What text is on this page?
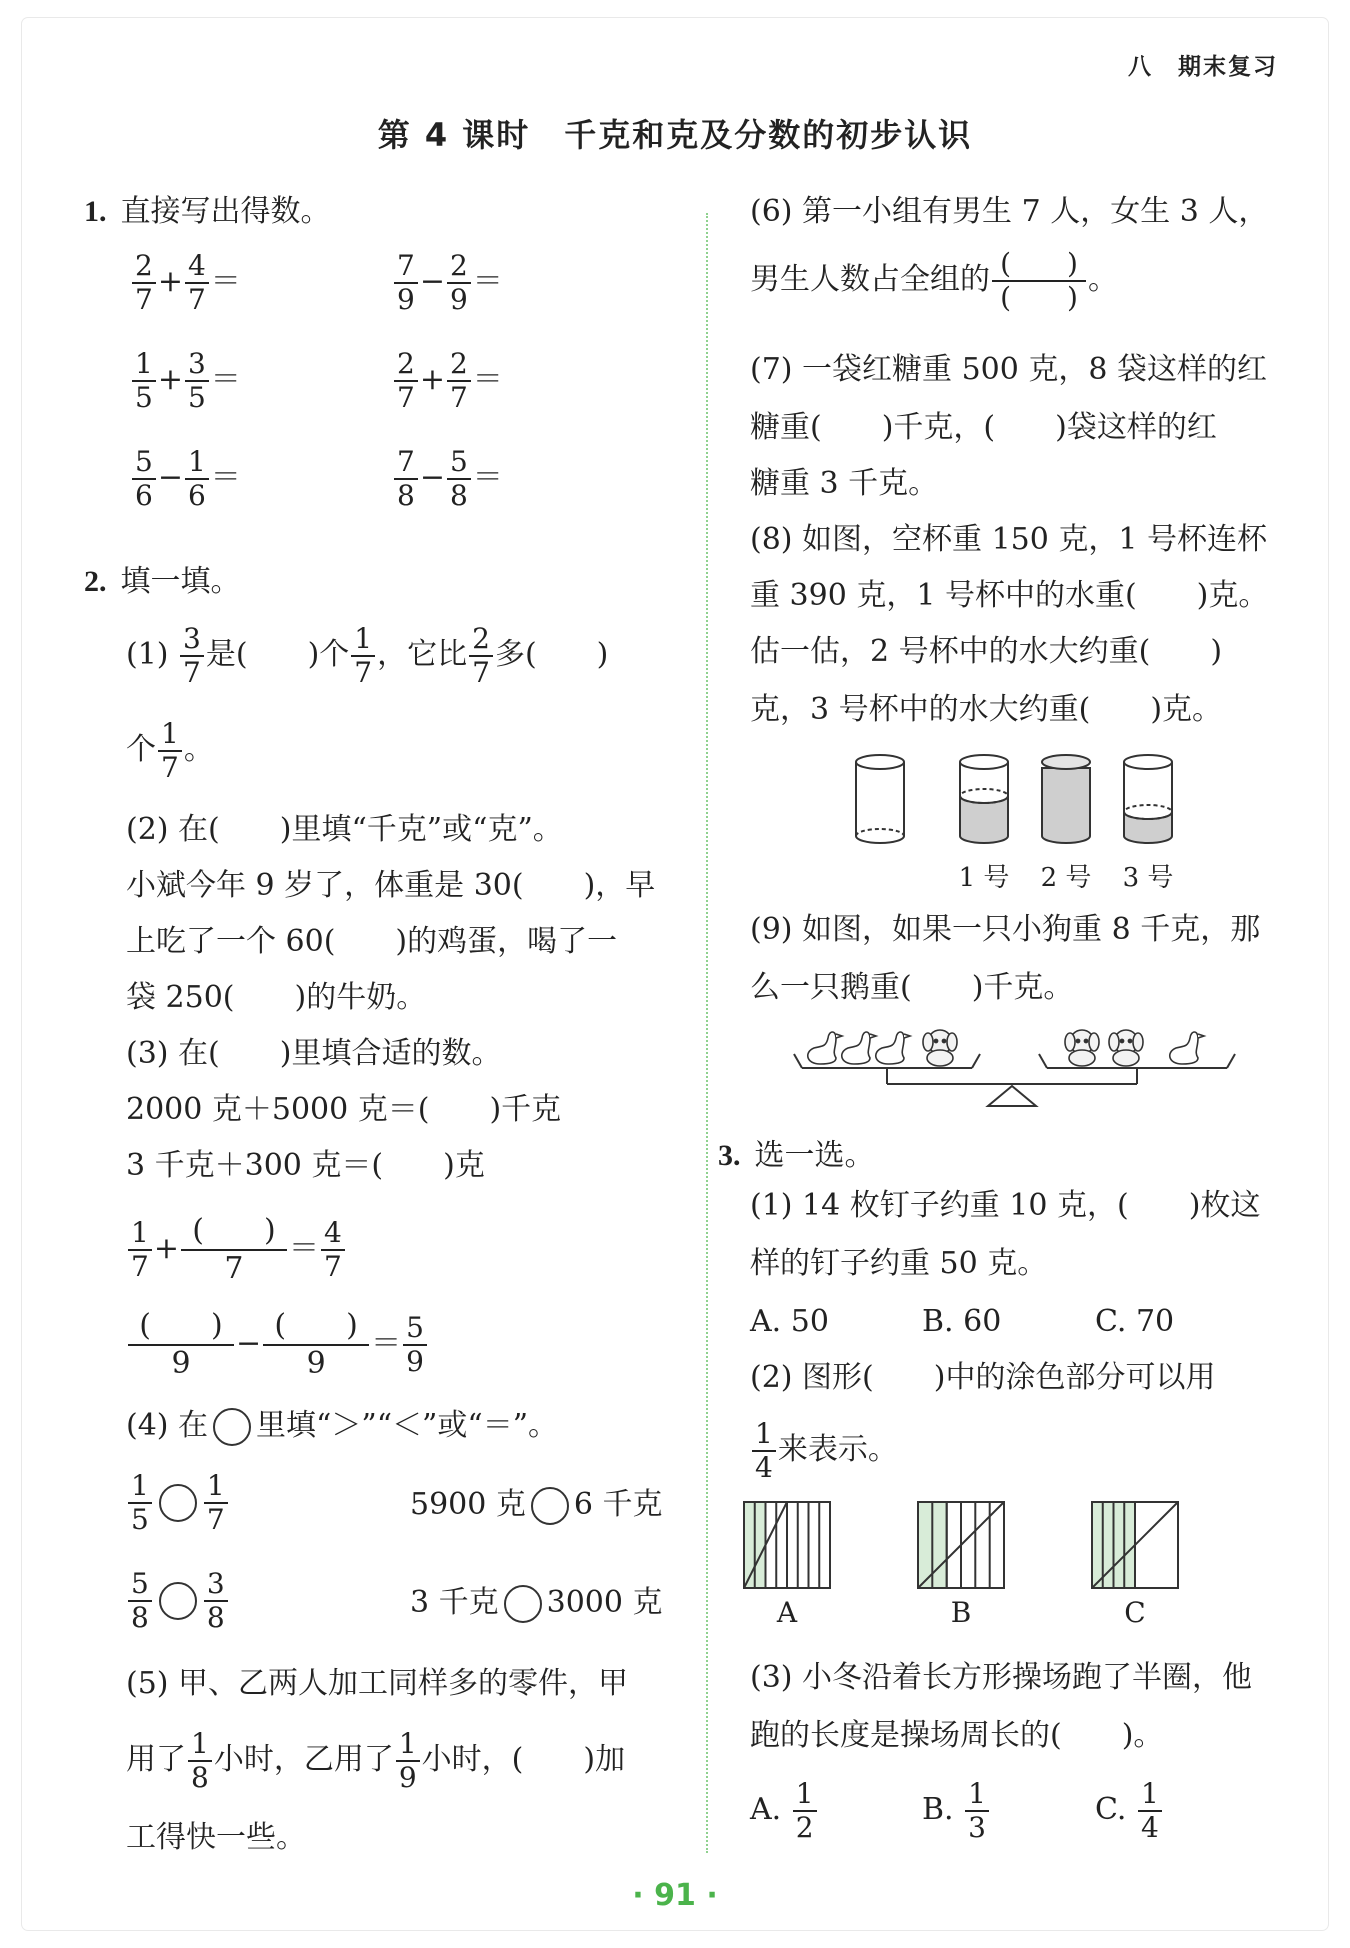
八　期末复习
第 4 课时　千克和克及分数的初步认识
1. 直接写出得数。
$\frac{2}{7} + \frac{4}{7}$ ＝	$\frac{7}{9} - \frac{2}{9}$ ＝
$\frac{1}{5} + \frac{3}{5}$ ＝	$\frac{2}{7} + \frac{2}{7}$ ＝
$\frac{5}{6} - \frac{1}{6}$ ＝	$\frac{7}{8} - \frac{5}{8}$ ＝
2. 填一填。
$(1) \frac{3}{7}$ 是(　　)个 $\frac{1}{7}$ ，它比 $\frac{2}{7}$ 多(　　)
个 $\frac{1}{7}$ 。
(2) 在(　　)里填“千克”或“克”。
小斌今年 9 岁了，体重是 30(　　)，早
上吃了一个 60(　　)的鸡蛋，喝了一
袋 250(　　)的牛奶。
(3) 在(　　)里填合适的数。
2000 克＋5000 克＝(　　)千克
3 千克＋300 克＝(　　)克
$\frac{1}{7} + \frac{( )}{7} = \frac{4}{7}$
$\frac{( )}{9} - \frac{( )}{9} = \frac{5}{9}$
(4) 在 里填“＞”“＜”或“＝”。
$\frac{1}{5} \frac{1}{7}$	5900 克 6 千克
$\frac{5}{8} \frac{3}{8}$	3 千克 3000 克
(5) 甲、乙两人加工同样多的零件，甲
用了 $\frac{1}{8}$ 小时，乙用了 $\frac{1}{9}$ 小时，(　　)加
工得快一些。
(6) 第一小组有男生 7 人，女生 3 人，
男生人数占全组的 $\frac{( )}{( )}$ 。
(7) 一袋红糖重 500 克，8 袋这样的红
糖重(　　)千克，(　　)袋这样的红
糖重 3 千克。
(8) 如图，空杯重 150 克，1 号杯连杯
重 390 克，1 号杯中的水重(　　)克。
估一估，2 号杯中的水大约重(　　)
克，3 号杯中的水大约重(　　)克。
1 号 2 号 3 号
(9) 如图，如果一只小狗重 8 千克，那
么一只鹅重(　　)千克。
3. 选一选。
(1) 14 枚钉子约重 10 克，(　　)枚这
样的钉子约重 50 克。
A. 50	B. 60	C. 70
(2) 图形(　　)中的涂色部分可以用
$\frac{1}{4}$ 来表示。
A	B	C
(3) 小冬沿着长方形操场跑了半圈，他
跑的长度是操场周长的(　　)。
A. $\frac{1}{2}$	B. $\frac{1}{3}$	C. $\frac{1}{4}$
· 91 ·
